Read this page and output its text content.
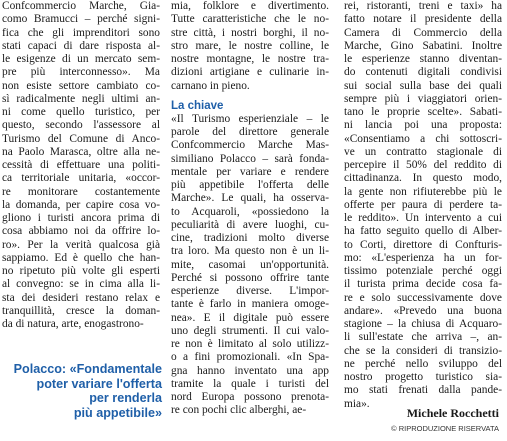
Confcommercio Marche, Gia-
como Bramucci – perché signi-
fica che gli imprenditori sono
stati capaci di dare risposta al-
le esigenze di un mercato sem-
pre più interconnesso». Ma
non esiste settore cambiato co-
sì radicalmente negli ultimi an-
ni come quello turistico, per
questo, secondo l'assessore al
Turismo del Comune di Anco-
na Paolo Marasca, oltre alla ne-
cessità di effettuare una politi-
ca territoriale unitaria, «occor-
re monitorare costantemente
la domanda, per capire cosa vo-
gliono i turisti ancora prima di
cosa abbiamo noi da offrire lo-
ro». Per la verità qualcosa già
sappiamo. Ed è quello che han-
no ripetuto più volte gli esperti
al convegno: se in cima alla li-
sta dei desideri restano relax e
tranquillità, cresce la doman-
da di natura, arte, enogastrono-
Polacco: «Fondamentale
poter variare l'offerta
per renderla
più appetibile»
mia, folklore e divertimento.
Tutte caratteristiche che le no-
stre città, i nostri borghi, il no-
stro mare, le nostre colline, le
nostre montagne, le nostre tra-
dizioni artigiane e culinarie in-
carnano in pieno.
La chiave
«Il Turismo esperienziale – le
parole del direttore generale
Confcommercio Marche Mas-
similiano Polacco – sarà fonda-
mentale per variare e rendere
più appetibile l'offerta delle
Marche». Le quali, ha osserva-
to Acquaroli, «possiedono la
peculiarità di avere luoghi, cu-
cine, tradizioni molto diverse
tra loro. Ma questo non è un li-
mite, casomai un'opportunità.
Perché si possono offrire tante
esperienze diverse. L'impor-
tante è farlo in maniera omoge-
nea». E il digitale può essere
uno degli strumenti. Il cui valo-
re non è limitato al solo utilizz-
o a fini promozionali. «In Spa-
gna hanno inventato una app
tramite la quale i turisti del
nord Europa possono prenota-
re con pochi clic alberghi, ae-
rei, ristoranti, treni e taxi» ha
fatto notare il presidente della
Camera di Commercio della
Marche, Gino Sabatini. Inoltre
le esperienze stanno diventan-
do contenuti digitali condivisi
sui social sulla base dei quali
sempre più i viaggiatori orien-
tano le proprie scelte». Sabati-
ni lancia poi una proposta:
«Consentiamo a chi sottoscri-
ve un contratto stagionale di
percepire il 50% del reddito di
cittadinanza. In questo modo,
la gente non rifiuterebbe più le
offerte per paura di perdere ta-
le reddito». Un intervento a cui
ha fatto seguito quello di Alber-
to Corti, direttore di Confturis-
mo: «L'esperienza ha un for-
tissimo potenziale perché oggi
il turista prima decide cosa fa-
re e solo successivamente dove
andare». «Prevedo una buona
stagione – la chiusa di Acquaro-
li sull'estate che arriva –, an-
che se la consideri di transizio-
ne perché nello sviluppo del
nostro progetto turistico sia-
mo stati frenati dalla pande-
mia».
Michele Rocchetti
© RIPRODUZIONE RISERVATA
